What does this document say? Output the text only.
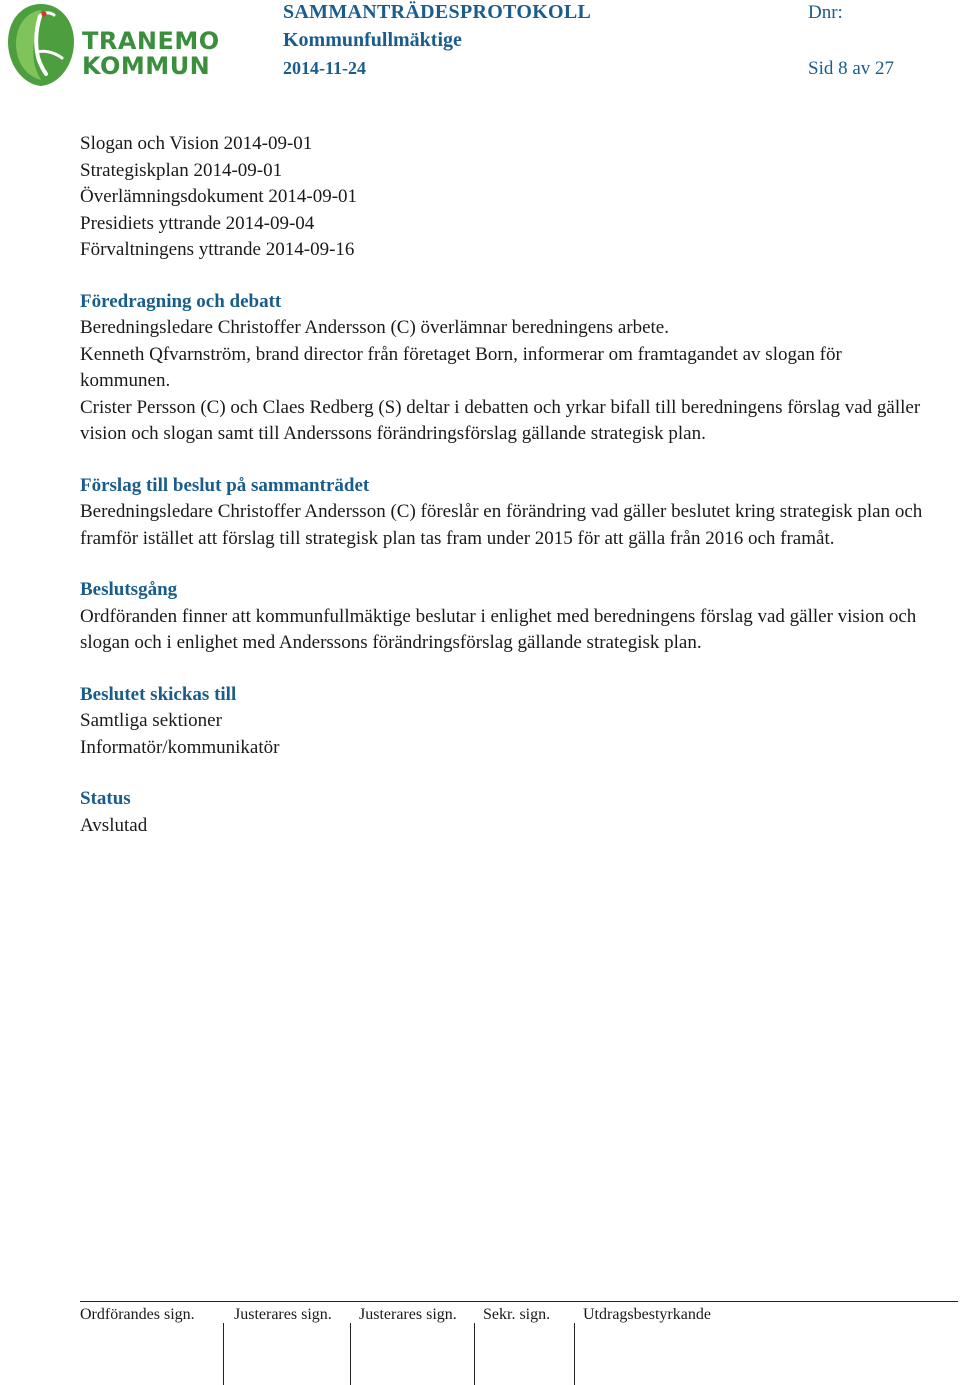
TRANEMO
KOMMUN
SAMMANTRÄDESPROTOKOLL
Kommunfullmäktige
2014-11-24
Dnr:
Sid 8 av 27
Slogan och Vision 2014-09-01
Strategiskplan 2014-09-01
Överlämningsdokument 2014-09-01
Presidiets yttrande 2014-09-04
Förvaltningens yttrande 2014-09-16

Föredragning och debatt

Beredningsledare Christoffer Andersson (C) överlämnar beredningens arbete.

Kenneth Qfvarnström, brand director från företaget Born, informerar om framtagandet av slogan för kommunen.

Crister Persson (C) och Claes Redberg (S) deltar i debatten och yrkar bifall till beredningens förslag vad gäller vision och slogan samt till Anderssons förändringsförslag gällande strategisk plan.

Förslag till beslut på sammanträdet

Beredningsledare Christoffer Andersson (C) föreslår en förändring vad gäller beslutet kring strategisk plan och framför istället att förslag till strategisk plan tas fram under 2015 för att gälla från 2016 och framåt.

Beslutsgång

Ordföranden finner att kommunfullmäktige beslutar i enlighet med beredningens förslag vad gäller vision och slogan och i enlighet med Anderssons förändringsförslag gällande strategisk plan.

Beslutet skickas till

Samtliga sektioner

Informatör/kommunikatör

Status

Avslutad

Ordförandes sign. Justerares sign. Justerares sign. Sekr. sign. Utdragsbestyrkande
